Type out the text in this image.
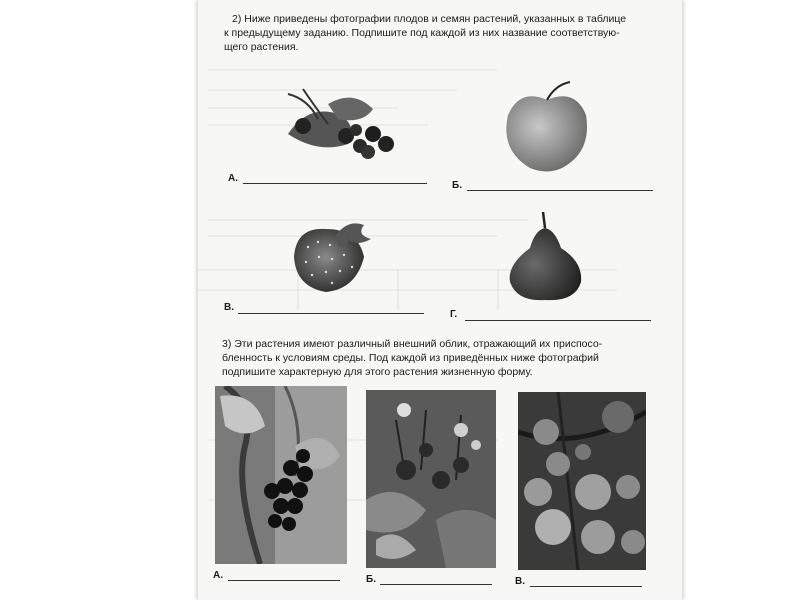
2) Ниже приведены фотографии плодов и семян растений, указанных в таблице
к предыдущему заданию. Подпишите под каждой из них название соответствую-
щего растения.
А.
Б.
В.
Г.
3) Эти растения имеют различный внешний облик, отражающий их приспосо-
бленность к условиям среды. Под каждой из приведённых ниже фотографий
подпишите характерную для этого растения жизненную форму.
А.	Б.	В.
